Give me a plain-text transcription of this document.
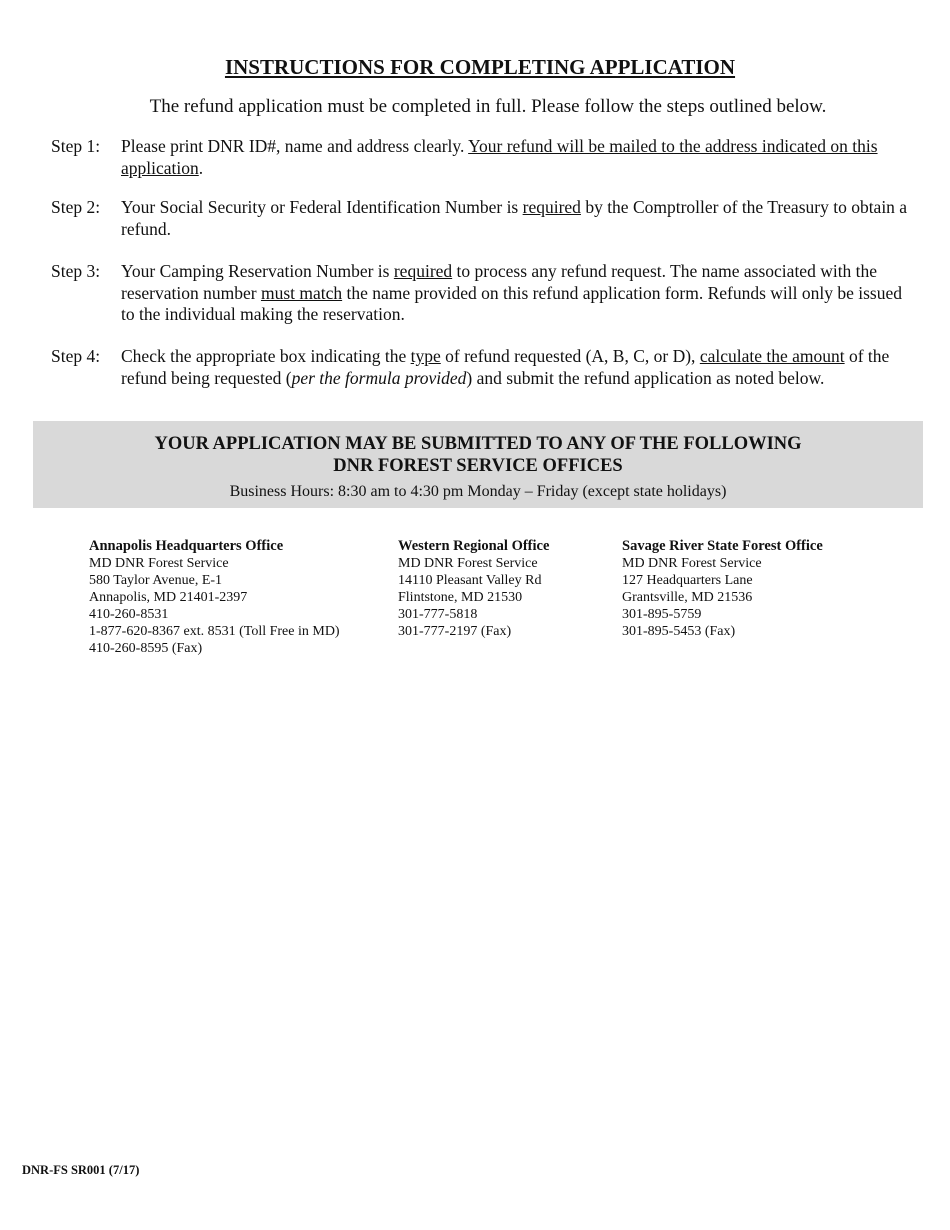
INSTRUCTIONS FOR COMPLETING APPLICATION
The refund application must be completed in full. Please follow the steps outlined below.
Step 1: Please print DNR ID#, name and address clearly. Your refund will be mailed to the address indicated on this application.
Step 2: Your Social Security or Federal Identification Number is required by the Comptroller of the Treasury to obtain a refund.
Step 3: Your Camping Reservation Number is required to process any refund request. The name associated with the reservation number must match the name provided on this refund application form. Refunds will only be issued to the individual making the reservation.
Step 4: Check the appropriate box indicating the type of refund requested (A, B, C, or D), calculate the amount of the refund being requested (per the formula provided) and submit the refund application as noted below.
YOUR APPLICATION MAY BE SUBMITTED TO ANY OF THE FOLLOWING
DNR FOREST SERVICE OFFICES
Business Hours: 8:30 am to 4:30 pm Monday – Friday (except state holidays)
Annapolis Headquarters Office
MD DNR Forest Service
580 Taylor Avenue, E-1
Annapolis, MD 21401-2397
410-260-8531
1-877-620-8367 ext. 8531 (Toll Free in MD)
410-260-8595 (Fax)
Western Regional Office
MD DNR Forest Service
14110 Pleasant Valley Rd
Flintstone, MD 21530
301-777-5818
301-777-2197 (Fax)
Savage River State Forest Office
MD DNR Forest Service
127 Headquarters Lane
Grantsville, MD 21536
301-895-5759
301-895-5453 (Fax)
DNR-FS SR001 (7/17)
